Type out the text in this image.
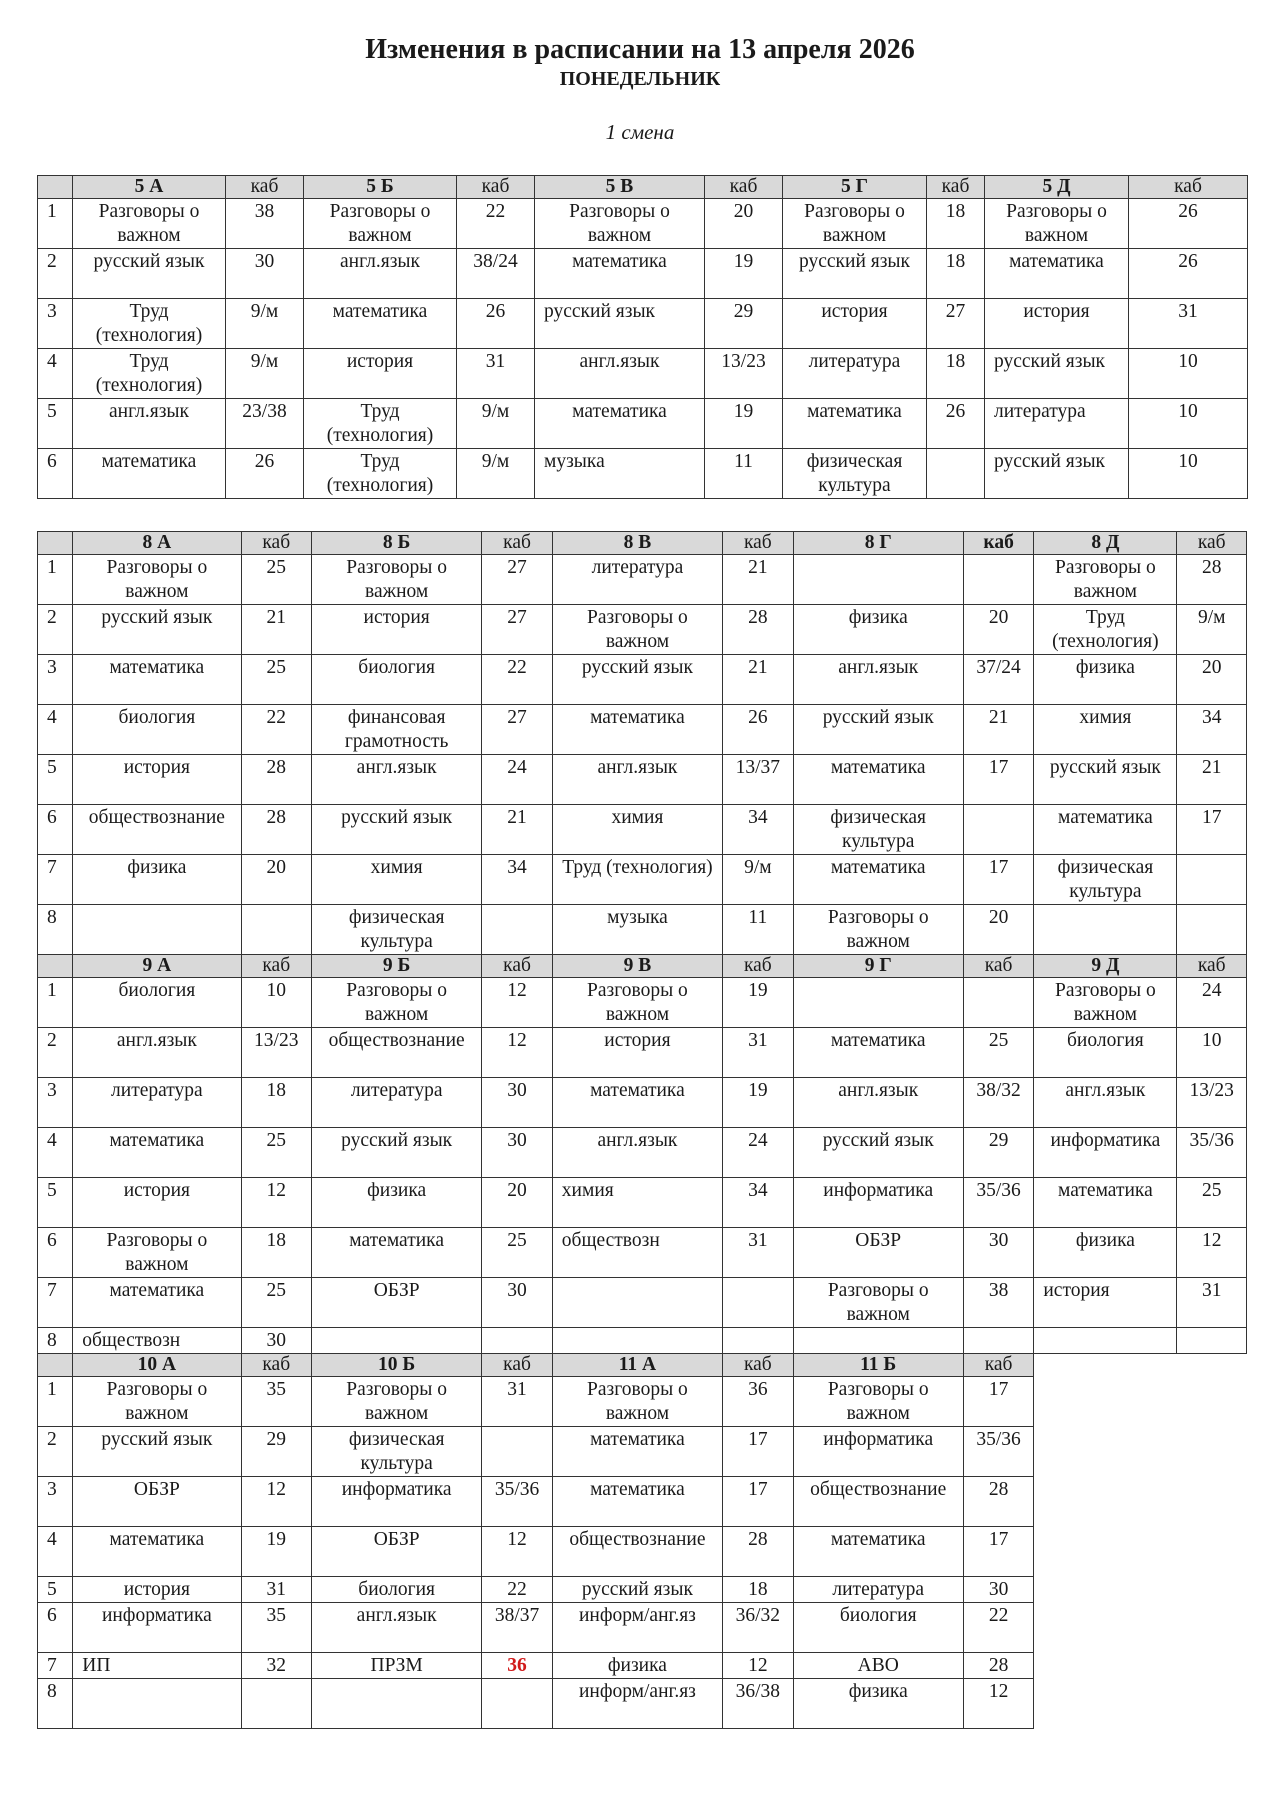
Изменения в расписании на 13 апреля 2026
ПОНЕДЕЛЬНИК
1 смена
	5 А	каб	5 Б	каб	5 В	каб	5 Г	каб	5 Д	каб
1	Разговоры о важном	38	Разговоры о важном	22	Разговоры о важном	20	Разговоры о важном	18	Разговоры о важном	26
2	русский язык	30	англ.язык	38/24	математика	19	русский язык	18	математика	26
3	Труд (технология)	9/м	математика	26	русский язык	29	история	27	история	31
4	Труд (технология)	9/м	история	31	англ.язык	13/23	литература	18	русский язык	10
5	англ.язык	23/38	Труд (технология)	9/м	математика	19	математика	26	литература	10
6	математика	26	Труд (технология)	9/м	музыка	11	физическая культура		русский язык	10
	8 А	каб	8 Б	каб	8 В	каб	8 Г	каб	8 Д	каб
1	Разговоры о важном	25	Разговоры о важном	27	литература	21			Разговоры о важном	28
2	русский язык	21	история	27	Разговоры о важном	28	физика	20	Труд (технология)	9/м
3	математика	25	биология	22	русский язык	21	англ.язык	37/24	физика	20
4	биология	22	финансовая грамотность	27	математика	26	русский язык	21	химия	34
5	история	28	англ.язык	24	англ.язык	13/37	математика	17	русский язык	21
6	обществознание	28	русский язык	21	химия	34	физическая культура		математика	17
7	физика	20	химия	34	Труд (технология)	9/м	математика	17	физическая культура	
8			физическая культура		музыка	11	Разговоры о важном	20		
	9 А	каб	9 Б	каб	9 В	каб	9 Г	каб	9 Д	каб
1	биология	10	Разговоры о важном	12	Разговоры о важном	19			Разговоры о важном	24
2	англ.язык	13/23	обществознание	12	история	31	математика	25	биология	10
3	литература	18	литература	30	математика	19	англ.язык	38/32	англ.язык	13/23
4	математика	25	русский язык	30	англ.язык	24	русский язык	29	информатика	35/36
5	история	12	физика	20	химия	34	информатика	35/36	математика	25
6	Разговоры о важном	18	математика	25	обществозн	31	ОБЗР	30	физика	12
7	математика	25	ОБЗР	30			Разговоры о важном	38	история	31
8	обществозн	30								
	10 А	каб	10 Б	каб	11 А	каб	11 Б	каб		
1	Разговоры о важном	35	Разговоры о важном	31	Разговоры о важном	36	Разговоры о важном	17		
2	русский язык	29	физическая культура		математика	17	информатика	35/36		
3	ОБЗР	12	информатика	35/36	математика	17	обществознание	28		
4	математика	19	ОБЗР	12	обществознание	28	математика	17		
5	история	31	биология	22	русский язык	18	литература	30		
6	информатика	35	англ.язык	38/37	информ/анг.яз	36/32	биология	22		
7	ИП	32	ПРЗМ	36	физика	12	АВО	28		
8					информ/анг.яз	36/38	физика	12		
